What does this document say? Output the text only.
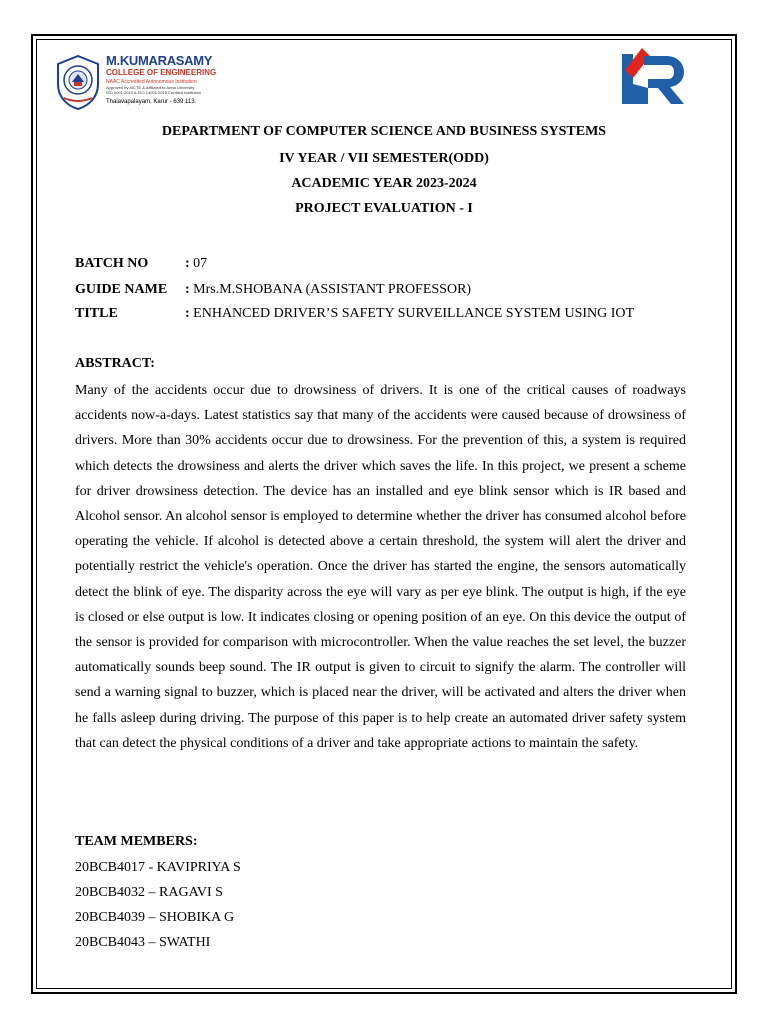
M.KUMARASAMY

COLLEGE OF ENGINEERING

NAAC Accredited Autonomous Institution

Approved by AICTE & Affiliated to Anna University

ISO 9001:2015 & ISO 14001:2015 Certified Institution

Thalavapalayam, Karur - 639 113.

DEPARTMENT OF COMPUTER SCIENCE AND BUSINESS SYSTEMS
IV YEAR / VII SEMESTER(ODD)
ACADEMIC YEAR 2023-2024
PROJECT EVALUATION - I
BATCH NO	: 07
GUIDE NAME : Mrs.M.SHOBANA (ASSISTANT PROFESSOR)
TITLE	: ENHANCED DRIVER’S SAFETY SURVEILLANCE SYSTEM USING IOT
ABSTRACT:

Many of the accidents occur due to drowsiness of drivers. It is one of the critical causes of roadways accidents now-a-days. Latest statistics say that many of the accidents were caused because of drowsiness of drivers. More than 30% accidents occur due to drowsiness. For the prevention of this, a system is required which detects the drowsiness and alerts the driver which saves the life. In this project, we present a scheme for driver drowsiness detection. The device has an installed and eye blink sensor which is IR based and Alcohol sensor. An alcohol sensor is employed to determine whether the driver has consumed alcohol before operating the vehicle. If alcohol is detected above a certain threshold, the system will alert the driver and potentially restrict the vehicle's operation. Once the driver has started the engine, the sensors automatically detect the blink of eye. The disparity across the eye will vary as per eye blink. The output is high, if the eye is closed or else output is low. It indicates closing or opening position of an eye. On this device the output of the sensor is provided for comparison with microcontroller. When the value reaches the set level, the buzzer automatically sounds beep sound. The IR output is given to circuit to signify the alarm. The controller will send a warning signal to buzzer, which is placed near the driver, will be activated and alters the driver when he falls asleep during driving. The purpose of this paper is to help create an automated driver safety system that can detect the physical conditions of a driver and take appropriate actions to maintain the safety.

TEAM MEMBERS:
20BCB4017 - KAVIPRIYA S
20BCB4032 – RAGAVI S
20BCB4039 – SHOBIKA G
20BCB4043 – SWATHI
